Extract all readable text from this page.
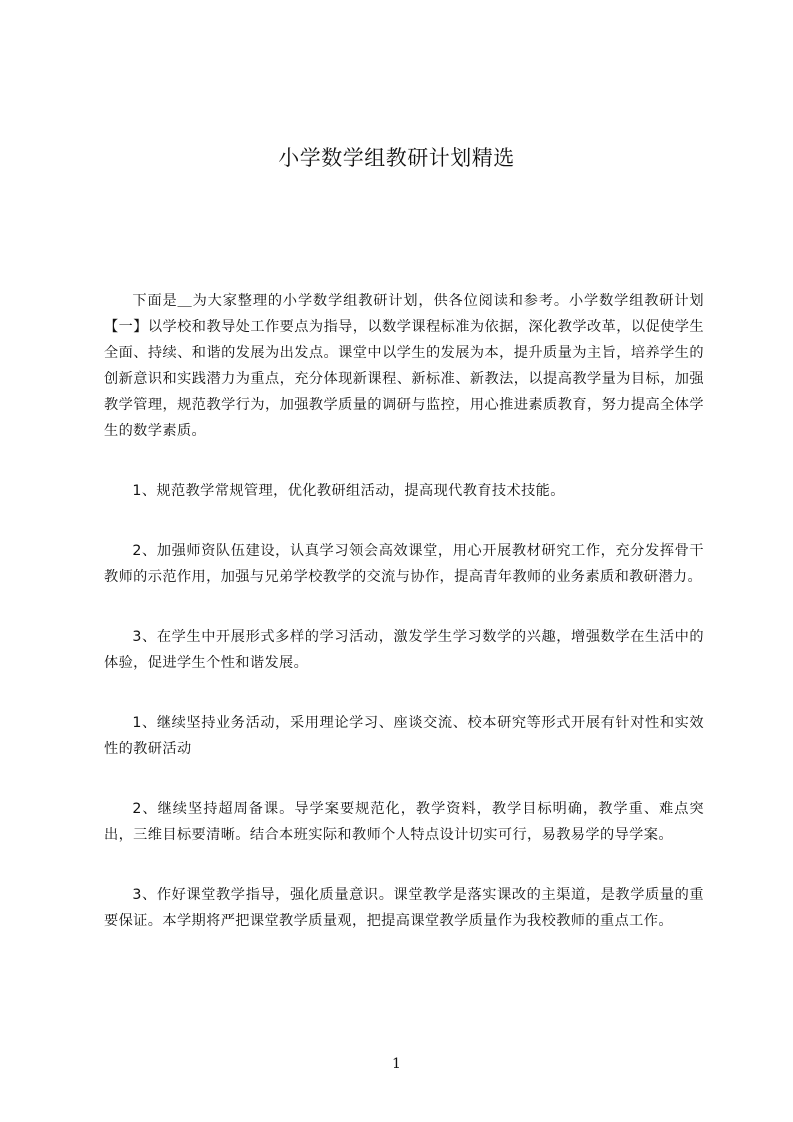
小学数学组教研计划精选

下面是＿为大家整理的小学数学组教研计划，供各位阅读和参考。小学数学组教研计划【一】以学校和教导处工作要点为指导，以数学课程标准为依据，深化教学改革，以促使学生全面、持续、和谐的发展为出发点。课堂中以学生的发展为本，提升质量为主旨，培养学生的创新意识和实践潜力为重点，充分体现新课程、新标准、新教法，以提高教学量为目标，加强教学管理，规范教学行为，加强教学质量的调研与监控，用心推进素质教育，努力提高全体学生的数学素质。

1、规范教学常规管理，优化教研组活动，提高现代教育技术技能。

2、加强师资队伍建设，认真学习领会高效课堂，用心开展教材研究工作，充分发挥骨干教师的示范作用，加强与兄弟学校教学的交流与协作，提高青年教师的业务素质和教研潜力。

3、在学生中开展形式多样的学习活动，激发学生学习数学的兴趣，增强数学在生活中的体验，促进学生个性和谐发展。

1、继续坚持业务活动，采用理论学习、座谈交流、校本研究等形式开展有针对性和实效性的教研活动

2、继续坚持超周备课。导学案要规范化，教学资料，教学目标明确，教学重、难点突出，三维目标要清晰。结合本班实际和教师个人特点设计切实可行，易教易学的导学案。

3、作好课堂教学指导，强化质量意识。课堂教学是落实课改的主渠道，是教学质量的重要保证。本学期将严把课堂教学质量观，把提高课堂教学质量作为我校教师的重点工作。

1
